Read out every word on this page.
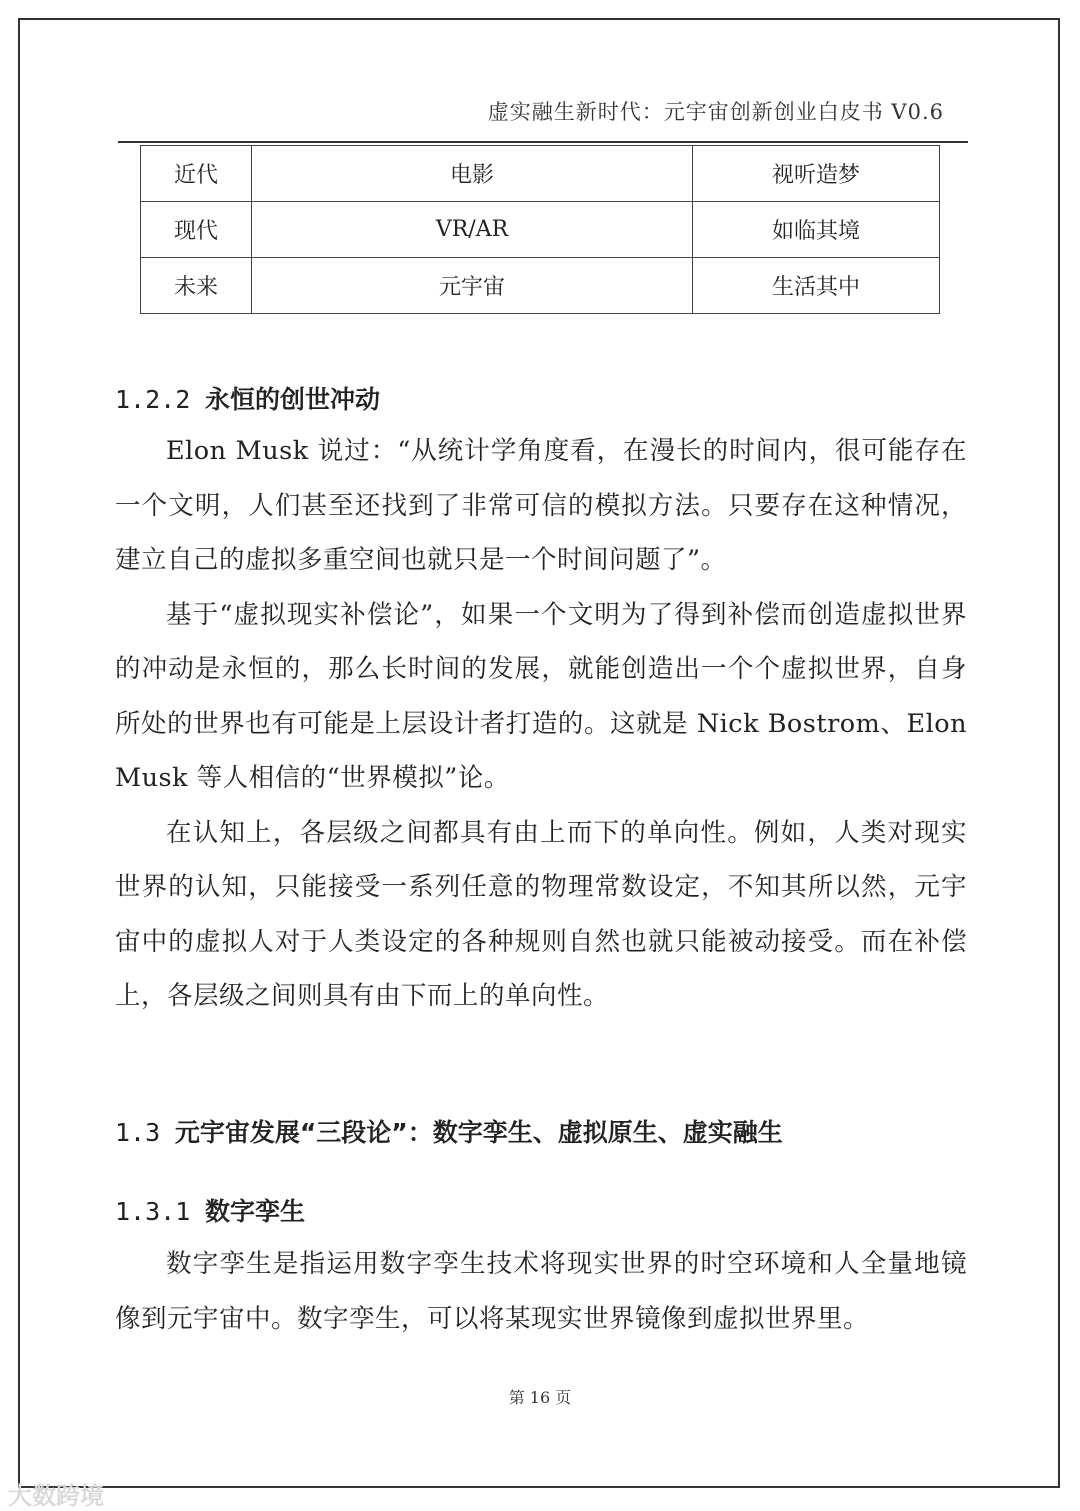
虚实融生新时代：元宇宙创新创业白皮书 V0.6
近代	电影	视听造梦
现代	VR/AR	如临其境
未来	元宇宙	生活其中
1.2.2 永恒的创世冲动

Elon Musk 说过：“从统计学角度看，在漫长的时间内，很可能存在一个文明，人们甚至还找到了非常可信的模拟方法。只要存在这种情况，建立自己的虚拟多重空间也就只是一个时间问题了”。

基于“虚拟现实补偿论”，如果一个文明为了得到补偿而创造虚拟世界的冲动是永恒的，那么长时间的发展，就能创造出一个个虚拟世界，自身所处的世界也有可能是上层设计者打造的。这就是 Nick Bostrom、Elon Musk 等人相信的“世界模拟”论。

在认知上，各层级之间都具有由上而下的单向性。例如，人类对现实世界的认知，只能接受一系列任意的物理常数设定，不知其所以然，元宇宙中的虚拟人对于人类设定的各种规则自然也就只能被动接受。而在补偿上，各层级之间则具有由下而上的单向性。

1.3 元宇宙发展“三段论”：数字孪生、虚拟原生、虚实融生
1.3.1 数字孪生

数字孪生是指运用数字孪生技术将现实世界的时空环境和人全量地镜像到元宇宙中。数字孪生，可以将某现实世界镜像到虚拟世界里。

第 16 页
大数跨境
